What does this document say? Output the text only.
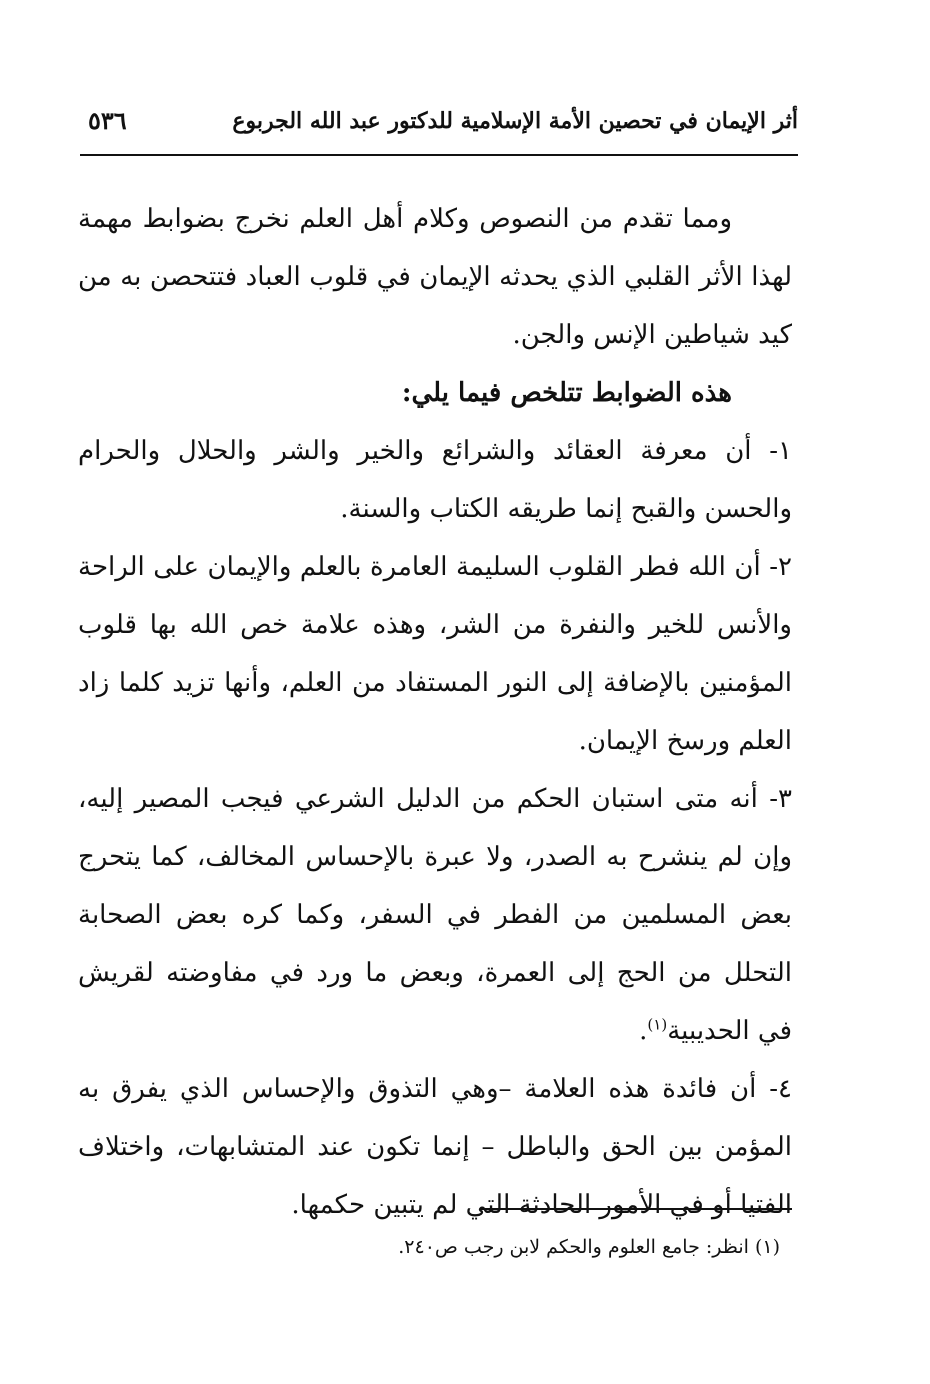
أثر الإيمان في تحصين الأمة الإسلامية للدكتور عبد الله الجربوع
٥٣٦

ومما تقدم من النصوص وكلام أهل العلم نخرج بضوابط مهمة لهذا الأثر القلبي الذي يحدثه الإيمان في قلوب العباد فتتحصن به من كيد شياطين الإنس والجن.

هذه الضوابط تتلخص فيما يلي:

١- أن معرفة العقائد والشرائع والخير والشر والحلال والحرام والحسن والقبح إنما طريقه الكتاب والسنة.

٢- أن الله فطر القلوب السليمة العامرة بالعلم والإيمان على الراحة والأنس للخير والنفرة من الشر، وهذه علامة خص الله بها قلوب المؤمنين بالإضافة إلى النور المستفاد من العلم، وأنها تزيد كلما زاد العلم ورسخ الإيمان.

٣- أنه متى استبان الحكم من الدليل الشرعي فيجب المصير إليه، وإن لم ينشرح به الصدر، ولا عبرة بالإحساس المخالف، كما يتحرج بعض المسلمين من الفطر في السفر، وكما كره بعض الصحابة التحلل من الحج إلى العمرة، وبعض ما ورد في مفاوضته لقريش في الحديبية$^{(١)}$.

٤- أن فائدة هذه العلامة –وهي التذوق والإحساس الذي يفرق به المؤمن بين الحق والباطل – إنما تكون عند المتشابهات، واختلاف الفتيا أو في الأمور الحادثة التي لم يتبين حكمها.

(١) انظر: جامع العلوم والحكم لابن رجب ص٢٤٠.
